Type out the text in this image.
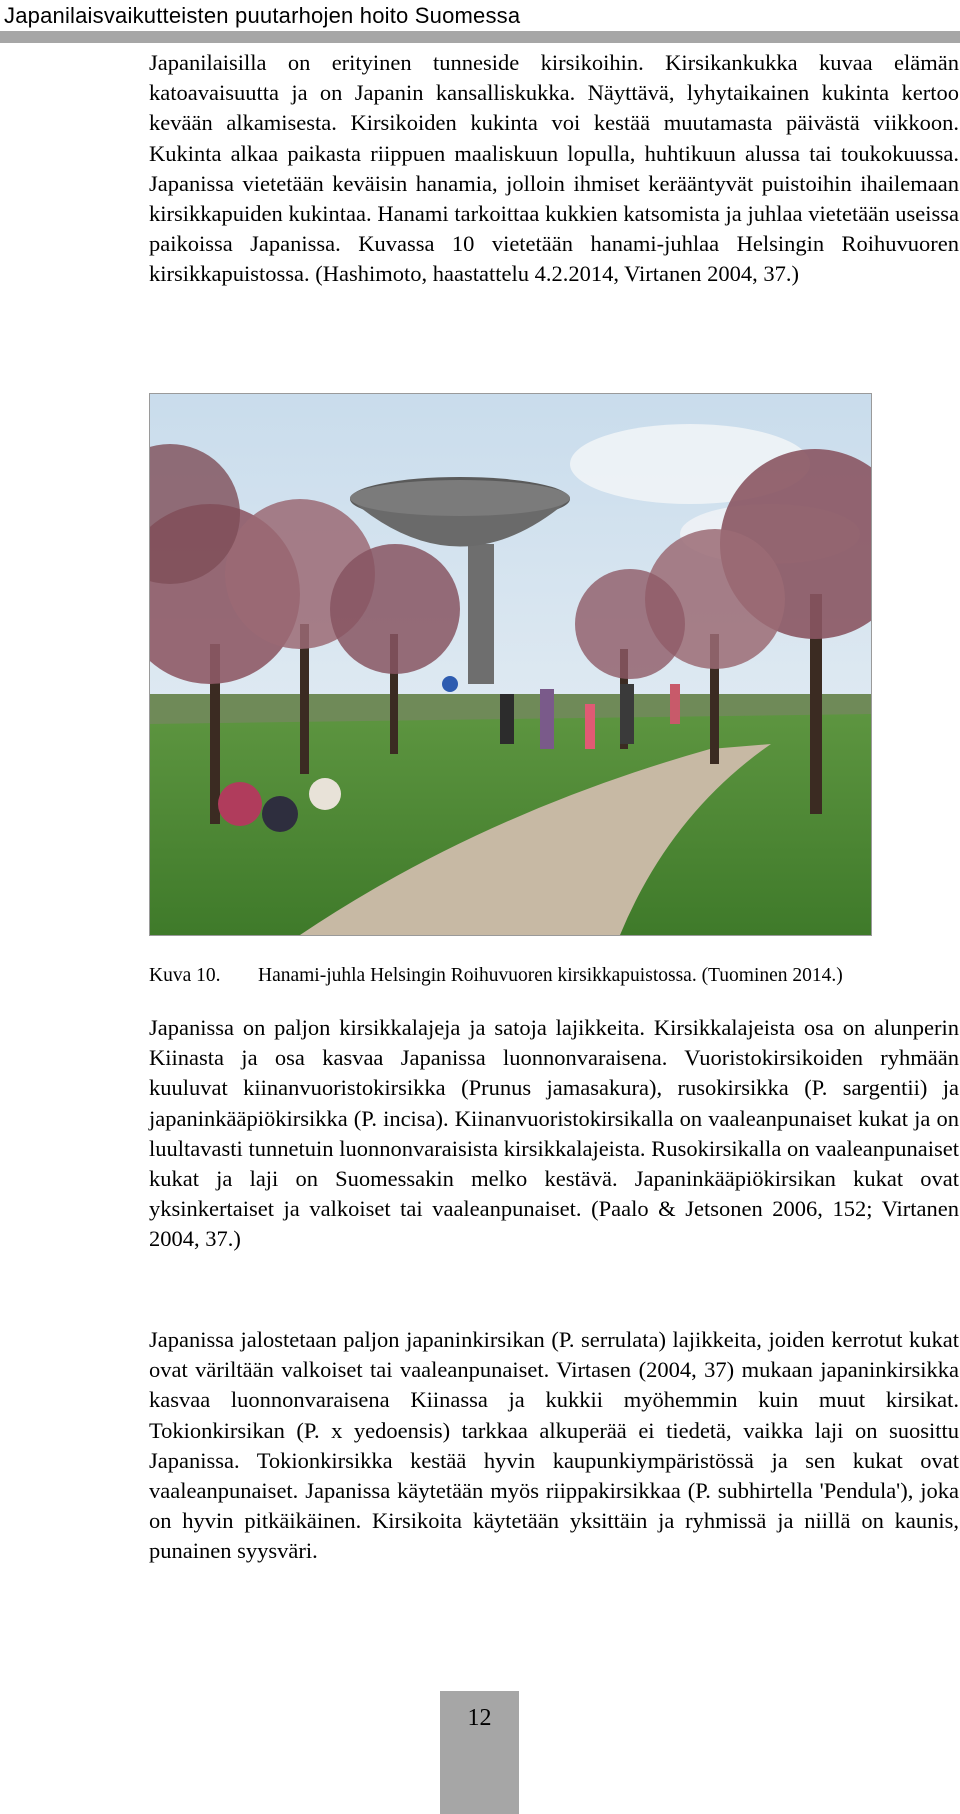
Japanilaisvaikutteisten puutarhojen hoito Suomessa

Japanilaisilla on erityinen tunneside kirsikoihin. Kirsikankukka kuvaa elämän katoavaisuutta ja on Japanin kansalliskukka. Näyttävä, lyhytaikainen kukinta kertoo kevään alkamisesta. Kirsikoiden kukinta voi kestää muutamasta päivästä viikkoon. Kukinta alkaa paikasta riippuen maaliskuun lopulla, huhtikuun alussa tai toukokuussa. Japanissa vietetään keväisin hanamia, jolloin ihmiset kerääntyvät puistoihin ihailemaan kirsikkapuiden kukintaa. Hanami tarkoittaa kukkien katsomista ja juhlaa vietetään useissa paikoissa Japanissa. Kuvassa 10 vietetään hanami-juhlaa Helsingin Roihuvuoren kirsikkapuistossa. (Hashimoto, haastattelu 4.2.2014, Virtanen 2004, 37.)

Kuva 10. Hanami-juhla Helsingin Roihuvuoren kirsikkapuistossa. (Tuominen 2014.)

Japanissa on paljon kirsikkalajeja ja satoja lajikkeita. Kirsikkalajeista osa on alunperin Kiinasta ja osa kasvaa Japanissa luonnonvaraisena. Vuoristokirsikoiden ryhmään kuuluvat kiinanvuoristokirsikka (Prunus jamasakura), rusokirsikka (P. sargentii) ja japaninkääpiökirsikka (P. incisa). Kiinanvuoristokirsikalla on vaaleanpunaiset kukat ja on luultavasti tunnetuin luonnonvaraisista kirsikkalajeista. Rusokirsikalla on vaaleanpunaiset kukat ja laji on Suomessakin melko kestävä. Japaninkääpiökirsikan kukat ovat yksinkertaiset ja valkoiset tai vaaleanpunaiset. (Paalo & Jetsonen 2006, 152; Virtanen 2004, 37.)

Japanissa jalostetaan paljon japaninkirsikan (P. serrulata) lajikkeita, joiden kerrotut kukat ovat väriltään valkoiset tai vaaleanpunaiset. Virtasen (2004, 37) mukaan japaninkirsikka kasvaa luonnonvaraisena Kiinassa ja kukkii myöhemmin kuin muut kirsikat. Tokionkirsikan (P. x yedoensis) tarkkaa alkuperää ei tiedetä, vaikka laji on suosittu Japanissa. Tokionkirsikka kestää hyvin kaupunkiympäristössä ja sen kukat ovat vaaleanpunaiset. Japanissa käytetään myös riippakirsikkaa (P. subhirtella 'Pendula'), joka on hyvin pitkäikäinen. Kirsikoita käytetään yksittäin ja ryhmissä ja niillä on kaunis, punainen syysväri.

12
